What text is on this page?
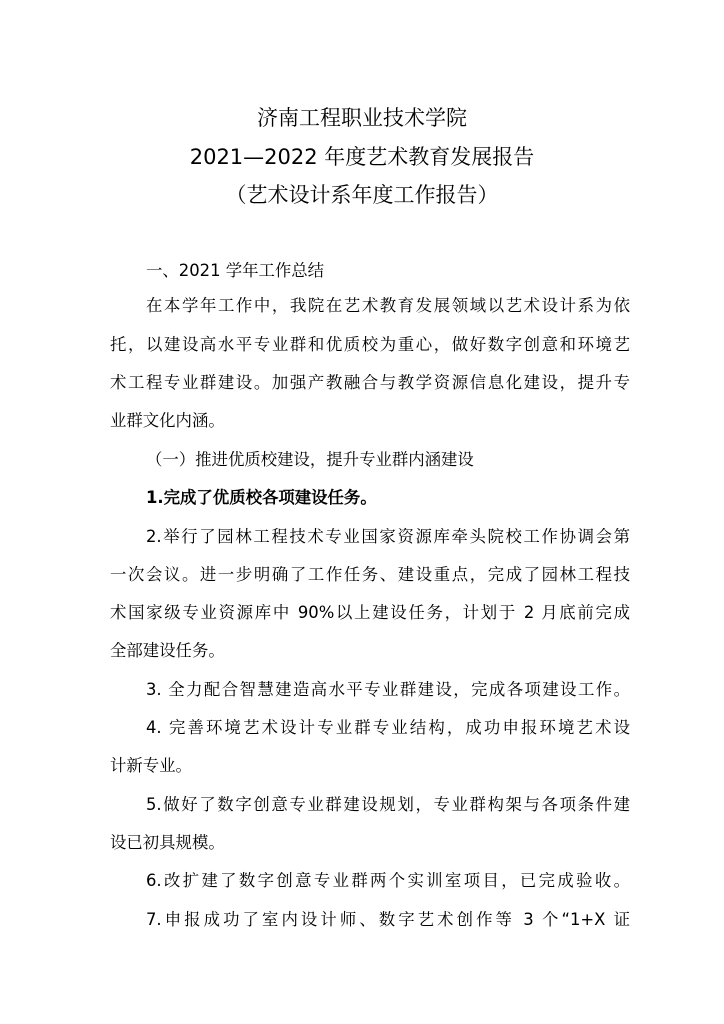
济南工程职业技术学院
2021—2022 年度艺术教育发展报告
（艺术设计系年度工作报告）
一、2021 学年工作总结
在本学年工作中，我院在艺术教育发展领域以艺术设计系为依
托，以建设高水平专业群和优质校为重心，做好数字创意和环境艺
术工程专业群建设。加强产教融合与教学资源信息化建设，提升专
业群文化内涵。
（一）推进优质校建设，提升专业群内涵建设
1.完成了优质校各项建设任务。
2.举行了园林工程技术专业国家资源库牵头院校工作协调会第
一次会议。进一步明确了工作任务、建设重点，完成了园林工程技
术国家级专业资源库中 90%以上建设任务，计划于 2 月底前完成
全部建设任务。
3. 全力配合智慧建造高水平专业群建设，完成各项建设工作。
4. 完善环境艺术设计专业群专业结构，成功申报环境艺术设
计新专业。
5.做好了数字创意专业群建设规划，专业群构架与各项条件建
设已初具规模。
6.改扩建了数字创意专业群两个实训室项目，已完成验收。
7.申报成功了室内设计师、数字艺术创作等 3 个“1+X 证
